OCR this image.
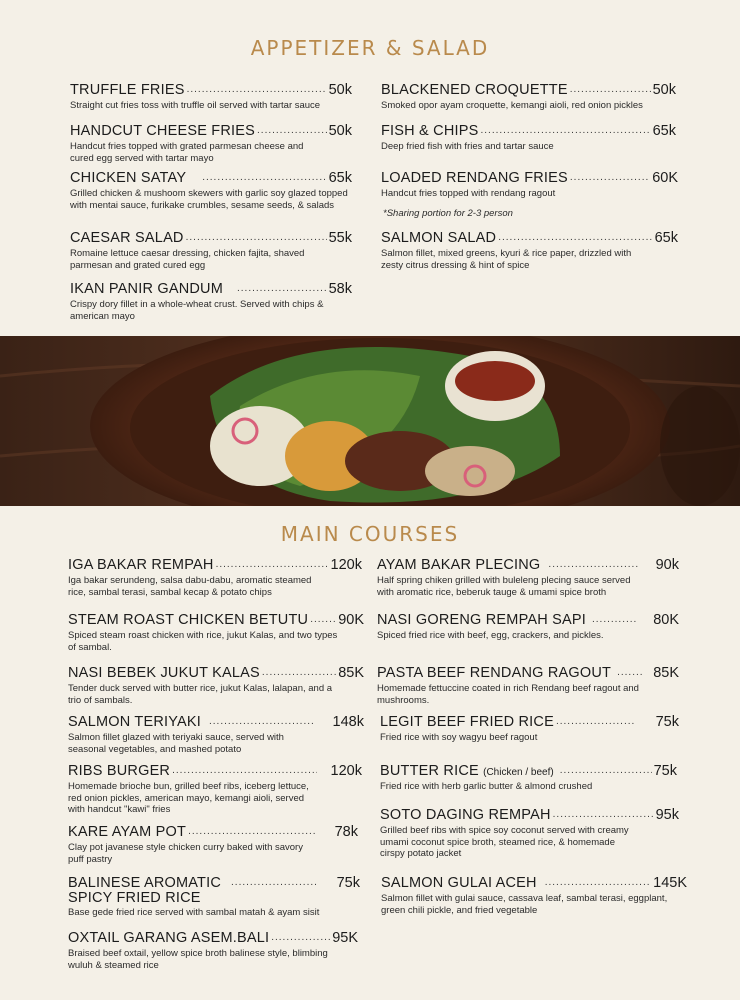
APPETIZER & SALAD
TRUFFLE FRIES .....	50k
Straight cut fries toss with truffle oil served with tartar sauce
HANDCUT CHEESE FRIES .....	50k
Handcut fries topped with grated parmesan cheese and cured egg served with tartar mayo
CHICKEN SATAY .....	65k
Grilled chicken & mushoom skewers with garlic soy glazed topped with mentai sauce, furikake crumbles, sesame seeds, & salads
CAESAR SALAD .....	55k
Romaine lettuce caesar dressing, chicken fajita, shaved parmesan and grated cured egg
IKAN PANIR GANDUM .....	58k
Crispy dory fillet in a whole-wheat crust. Served with chips & american mayo
BLACKENED CROQUETTE .....	50k
Smoked opor ayam croquette, kemangi aioli, red onion pickles
FISH & CHIPS .....	65k
Deep fried fish with fries and tartar sauce
LOADED RENDANG FRIES .....	60K
Handcut fries topped with rendang ragout
*Sharing portion for 2-3 person
SALMON SALAD .....	65k
Salmon fillet, mixed greens, kyuri & rice paper, drizzled with zesty citrus dressing & hint of spice
MAIN COURSES
IGA BAKAR REMPAH .....	120k
Iga bakar serundeng, salsa dabu-dabu, aromatic steamed rice, sambal terasi, sambal kecap & potato chips
STEAM ROAST CHICKEN BETUTU ..... 90K
Spiced steam roast chicken with rice, jukut Kalas, and two types of sambal.
NASI BEBEK JUKUT KALAS .....	85K
Tender duck served with butter rice, jukut Kalas, lalapan, and a trio of sambals.
SALMON TERIYAKI .....	148k
Salmon fillet glazed with teriyaki sauce, served with seasonal vegetables, and mashed potato
RIBS BURGER .....	120k
Homemade brioche bun, grilled beef ribs, iceberg lettuce, red onion pickles, american mayo, kemangi aioli, served with handcut "kawi" fries
KARE AYAM POT .....	78k
Clay pot javanese style chicken curry baked with savory puff pastry
BALINESE AROMATIC .....	75k
SPICY FRIED RICE
Base gede fried rice served with sambal matah & ayam sisit
OXTAIL GARANG ASEM.BALI .....	95K
Braised beef oxtail, yellow spice broth balinese style, blimbing wuluh & steamed rice
AYAM BAKAR PLECING .....	90k
Half spring chiken grilled with buleleng plecing sauce served with aromatic rice, beberuk tauge & umami spice broth
NASI GORENG REMPAH SAPI .....	80K
Spiced fried rice with beef, egg, crackers, and pickles.
PASTA BEEF RENDANG RAGOUT .....	85K
Homemade fettuccine coated in rich Rendang beef ragout and mushrooms.
LEGIT BEEF FRIED RICE .....	75k
Fried rice with soy wagyu beef ragout
BUTTER RICE (Chicken / beef) .....	75k
Fried rice with herb garlic butter & almond crushed
SOTO DAGING REMPAH .....	95k
Grilled beef ribs with spice soy coconut served with creamy umami coconut spice broth, steamed rice, & homemade cirspy potato jacket
SALMON GULAI ACEH .....	145K
Salmon fillet with gulai sauce, cassava leaf, sambal terasi, eggplant, green chili pickle, and fried vegetable
